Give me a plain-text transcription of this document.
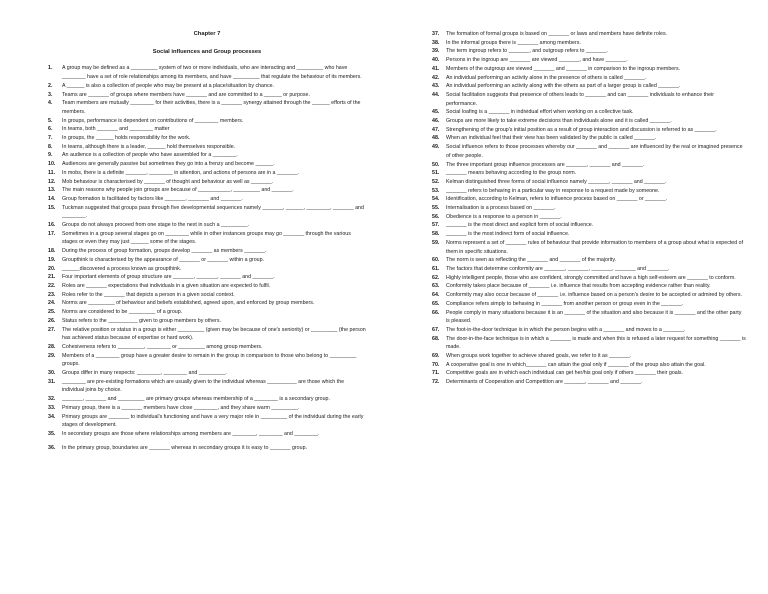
Chapter 7
Social influences and Group processes
1.	A group may be defined as a _________ system of two or more individuals, who are interacting and _________ who have ________ have a set of role relationships among its members, and have _________ that regulate the behaviour of its members.
2.	A ______ is also a collection of people who may be present at a place/situation by chance.
3.	Teams are _______ of groups where members have _______ and are committed to a ______ or purpose.
4.	Team members are mutually ________ for their activities, there is a _______ synergy attained through the ______ efforts of the members.
5.	In groups, performance is dependent on contributions of ________ members.
6.	In teams, both _______ and ________ matter
7.	In groups, the ______ holds responsibility for the work.
8.	In teams, although there is a leader, ______ hold themselves responsible.
9.	An audience is a collection of people who have assembled for a ________.
10.	Audiences are generally passive but sometimes they go into a frenzy and become ______.
11.	In mobs, there is a definite _______, ________ in attention, and actions of persons are in a _______.
12.	Mob behaviour is characterised by _______ of thought and behaviour as well as _______.
13.	The main reasons why people join groups are because of ___________, _________ and _______.
14.	Group formation is facilitated by factors like _______, _______ and _______.
15.	Tuckman suggested that groups pass through five developmental sequences namely _______, ______, ________, _______ and ________.
16.	Groups do not always proceed from one stage to the next in such a _________.
17.	Sometimes in a group several stages go on ________ while in other instances groups may go _______ through the various stages or even they may just ______ some of the stages.
18.	During the process of group formation, groups develop _______ as members _______.
19.	Groupthink is characterised by the appearance of _______ or _______ within a group.
20.	______discovered a process known as groupthink.
21.	Four important elements of group structure are _______, _______, _______ and _______.
22.	Roles are _______ expectations that individuals in a given situation are expected to fulfil.
23.	Roles refer to the _______ that depicts a person in a given social context.
24.	Norms are _________ of behaviour and beliefs established, agreed upon, and enforced by group members.
25.	Norms are considered to be _________ of a group.
26.	Status refers to the __________ given to group members by others.
27.	The relative position or status in a group is either _________ (given may be because of one's seniority) or _________ (the person has achieved status because of expertise or hard work).
28.	Cohesiveness refers to _________, ________ or _________ among group members.
29.	Members of a ________ group have a greater desire to remain in the group in comparison to those who belong to _________ groups.
30.	Groups differ in many respects: ________, ________ and _________.
31.	________ are pre-existing formations which are usually given to the individual whereas __________ are those which the individual joins by choice.
32.	_______, _______ and _________ are primary groups whereas membership of a ________ is a secondary group.
33.	Primary group, there is a _______ members have close ________, and they share warm _________.
34.	Primary groups are _______ to individual's functioning and have a very major role in _________ of the individual during the early stages of development.
35.	In secondary groups are those where relationships among members are ________, ________ and ________.
36.	In the primary group, boundaries are _______ whereas in secondary groups it is easy to _______ group.
37.	The formation of formal groups is based on _______ or laws and members have definite roles.
38.	In the informal groups there is _______ among members.
39.	The term ingroup refers to _______, and outgroup refers to _______.
40.	Persons in the ingroup are _______ are viewed _______, and have _______.
41.	Members of the outgroup are viewed _______ and _______ in comparison to the ingroup members.
42.	An individual performing an activity alone in the presence of others is called _______.
43.	An individual performing an activity along with the others as part of a larger group is called _______.
44.	Social facilitation suggests that presence of others leads to _______ and can _______ individuals to enhance their performance.
45.	Social loafing is a _______ in individual effort when working on a collective task.
46.	Groups are more likely to take extreme decisions than individuals alone and it is called _______.
47.	Strengthening of the group's initial position as a result of group interaction and discussion is referred to as _______.
48.	When an individual feel that their view has been validated by the public is called _______.
49.	Social influence refers to those processes whereby our _______ and _______ are influenced by the real or imagined presence of other people.
50.	The three important group influence processes are _______, _______ and _______.
51.	_______ means behaving according to the group norm.
52.	Kelman distinguished three forms of social influence namely _______, _______ and _______.
53.	_______ refers to behaving in a particular way in response to a request made by someone.
54.	Identification, according to Kelman, refers to influence process based on _______ or _______.
55.	Internalisation is a process based on _______.
56.	Obedience is a response to a person in _______.
57.	_______ is the most direct and explicit form of social influence.
58.	_______ is the most indirect form of social influence.
59.	Norms represent a set of _______ rules of behaviour that provide information to members of a group about what is expected of them in specific situations.
60.	The norm is seen as reflecting the _______ and _______ of the majority.
61.	The factors that determine conformity are _______, _______, _______, _______ and _______.
62.	Highly intelligent people, those who are confident, strongly committed and have a high self-esteem are _______ to conform.
63.	Conformity takes place because of _______ i.e. influence that results from accepting evidence rather than reality.
64.	Conformity may also occur because of _______ i.e. influence based on a person's desire to be accepted or admired by others.
65.	Compliance refers simply to behaving in _______ from another person or group even in the _______.
66.	People comply in many situations because it is an _______ of the situation and also because it is _______ and the other party is pleased.
67.	The foot-in-the-door technique is in which the person begins with a _______ and moves to a _______.
68.	The door-in-the-face technique is in which a _______ is made and when this is refused a later request for something _______ is made.
69.	When groups work together to achieve shared goals, we refer to it as _______.
70.	A cooperative goal is one in which_______ can attain the goal only if _______ of the group also attain the goal.
71.	Competitive goals are in which each individual can get her/his goal only if others _______ their goals.
72.	Determinants of Cooperation and Competition are _______, _______ and _______.
